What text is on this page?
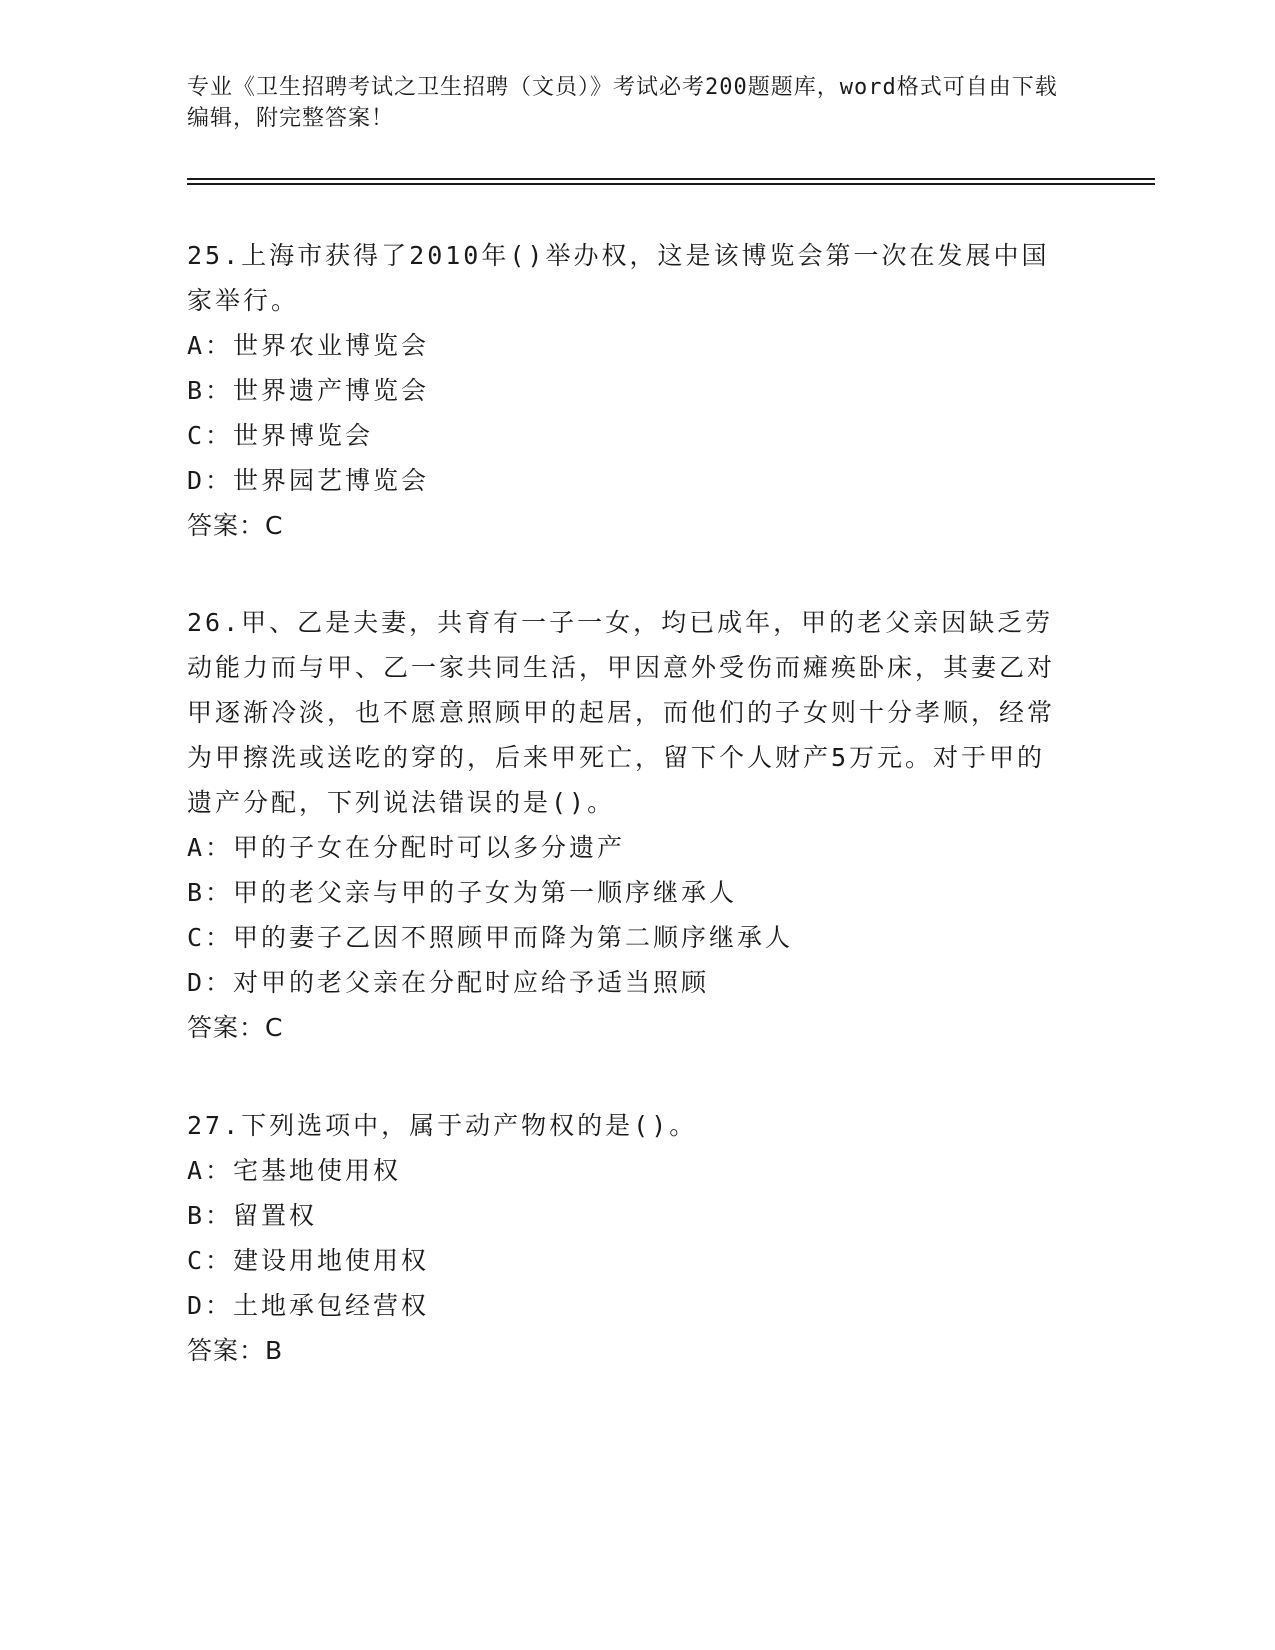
专业《卫生招聘考试之卫生招聘（文员）》考试必考200题题库，word格式可自由下载编辑，附完整答案！
25.上海市获得了2010年()举办权，这是该博览会第一次在发展中国家举行。
A：世界农业博览会
B：世界遗产博览会
C：世界博览会
D：世界园艺博览会
答案：C
26.甲、乙是夫妻，共育有一子一女，均已成年，甲的老父亲因缺乏劳动能力而与甲、乙一家共同生活，甲因意外受伤而瘫痪卧床，其妻乙对甲逐渐冷淡，也不愿意照顾甲的起居，而他们的子女则十分孝顺，经常为甲擦洗或送吃的穿的，后来甲死亡，留下个人财产5万元。对于甲的遗产分配，下列说法错误的是()。
A：甲的子女在分配时可以多分遗产
B：甲的老父亲与甲的子女为第一顺序继承人
C：甲的妻子乙因不照顾甲而降为第二顺序继承人
D：对甲的老父亲在分配时应给予适当照顾
答案：C
27.下列选项中，属于动产物权的是()。
A：宅基地使用权
B：留置权
C：建设用地使用权
D：土地承包经营权
答案：B
